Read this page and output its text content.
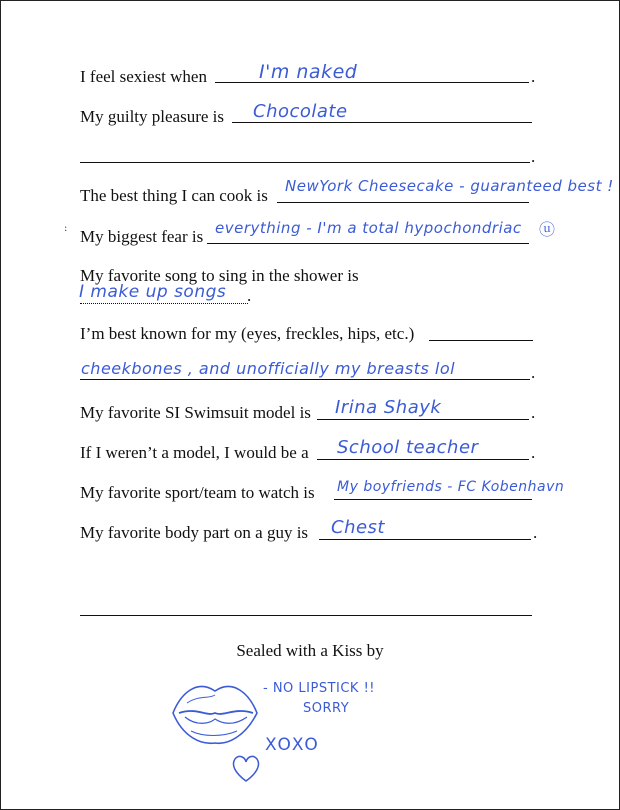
I feel sexiest when	.
I'm naked
My guilty pleasure is Chocolate
.
The best thing I can cook is NewYork Cheesecake - guaranteed best !
: My biggest fear is everything - I'm a total hypochondriac ⓤ
My favorite song to sing in the shower is
I make up songs .
I’m best known for my (eyes, freckles, hips, etc.)
cheekbones , and unofficially my breasts lol	.
My favorite SI Swimsuit model is	.
Irina Shayk
If I weren’t a model, I would be a	.
School teacher
My favorite sport/team to watch is My boyfriends - FC Kobenhavn
My favorite body part on a guy is	.
Chest
Sealed with a Kiss by
- NO LIPSTICK !!
SORRY
XOXO
